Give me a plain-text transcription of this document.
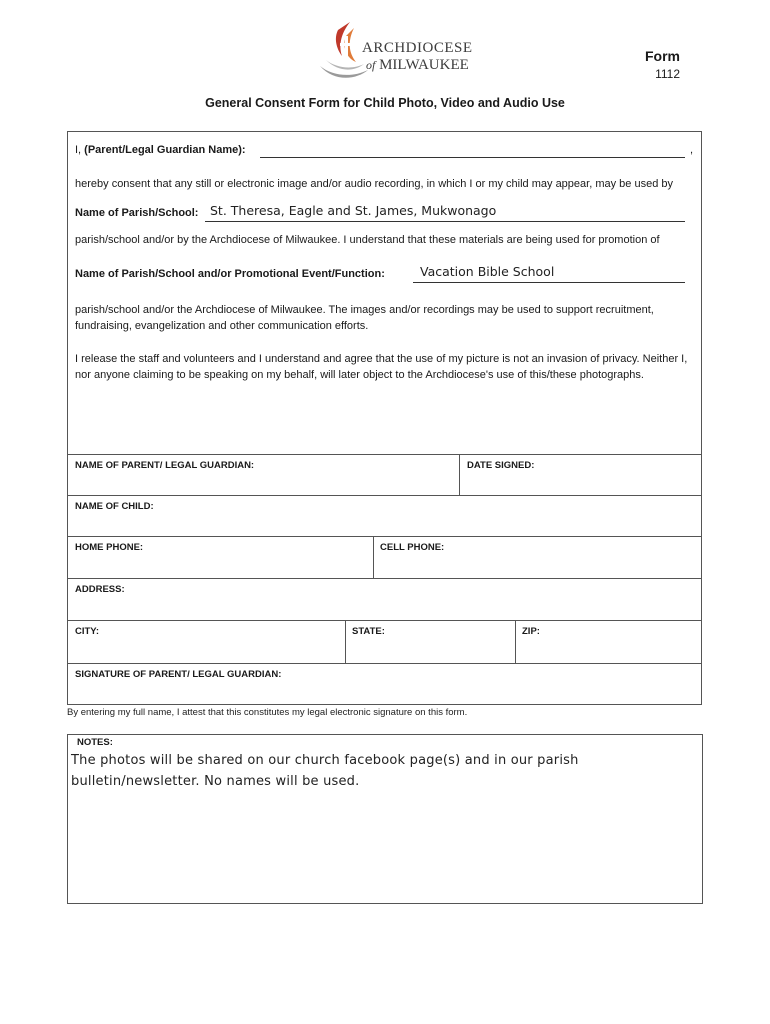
ARCHDIOCESE
of MILWAUKEE
Form
1112
General Consent Form for Child Photo, Video and Audio Use
I, (Parent/Legal Guardian Name):	,
hereby consent that any still or electronic image and/or audio recording, in which I or my child may appear, may be used by
Name of Parish/School: St. Theresa, Eagle and St. James, Mukwonago
parish/school and/or by the Archdiocese of Milwaukee. I understand that these materials are being used for promotion of
Name of Parish/School and/or Promotional Event/Function:	Vacation Bible School
parish/school and/or the Archdiocese of Milwaukee. The images and/or recordings may be used to support recruitment, fundraising, evangelization and other communication efforts.
I release the staff and volunteers and I understand and agree that the use of my picture is not an invasion of privacy. Neither I, nor anyone claiming to be speaking on my behalf, will later object to the Archdiocese's use of this/these photographs.
NAME OF PARENT/ LEGAL GUARDIAN:	DATE SIGNED:
NAME OF CHILD:
HOME PHONE:	CELL PHONE:
ADDRESS:
CITY:	STATE:	ZIP:
SIGNATURE OF PARENT/ LEGAL GUARDIAN:
By entering my full name, I attest that this constitutes my legal electronic signature on this form.
NOTES:
The photos will be shared on our church facebook page(s) and in our parish bulletin/newsletter. No names will be used.
